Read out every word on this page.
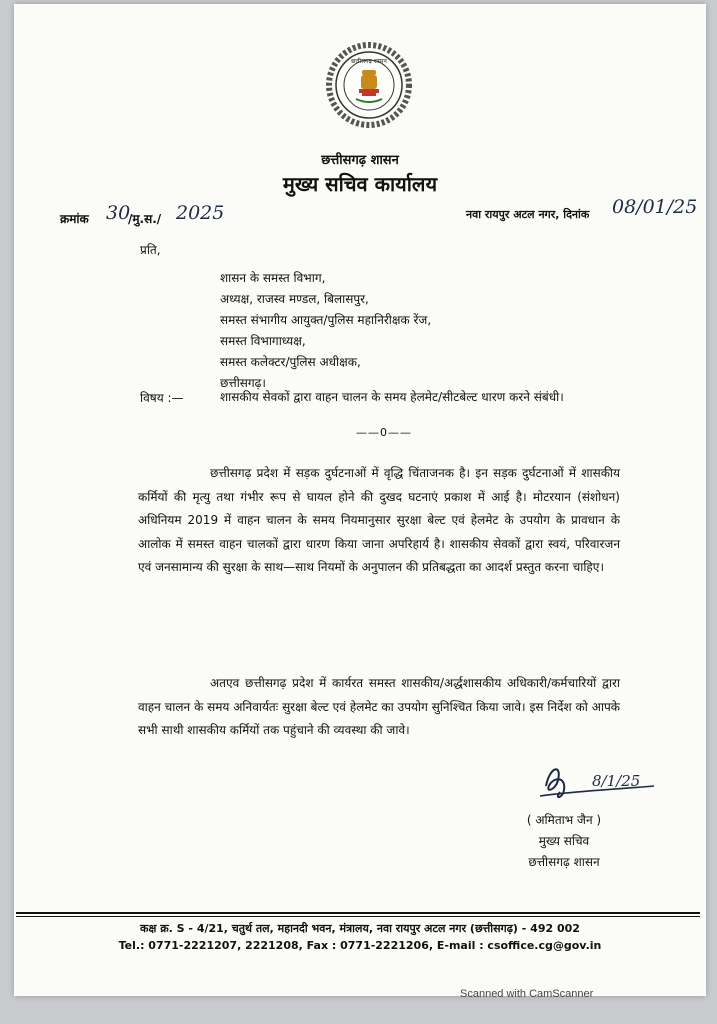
छत्तीसगढ़ शासन
छत्तीसगढ़ शासन
मुख्य सचिव कार्यालय
क्रमांक 30
/मु.स./ 2025	नवा रायपुर अटल नगर, दिनांक 08/01/25
प्रति,
शासन के समस्त विभाग,
अध्यक्ष, राजस्व मण्डल, बिलासपुर,
समस्त संभागीय आयुक्त/पुलिस महानिरीक्षक रेंज,
समस्त विभागाध्यक्ष,
समस्त कलेक्टर/पुलिस अधीक्षक,
छत्तीसगढ़।
विषय :—	शासकीय सेवकों द्वारा वाहन चालन के समय हेलमेट/सीटबेल्ट धारण करने संबंधी।
——0——
छत्तीसगढ़ प्रदेश में सड़क दुर्घटनाओं में वृद्धि चिंताजनक है। इन सड़क दुर्घटनाओं में शासकीय कर्मियों की मृत्यु तथा गंभीर रूप से घायल होने की दुखद घटनाएं प्रकाश में आई है। मोटरयान (संशोधन) अधिनियम 2019 में वाहन चालन के समय नियमानुसार सुरक्षा बेल्ट एवं हेलमेट के उपयोग के प्रावधान के आलोक में समस्त वाहन चालकों द्वारा धारण किया जाना अपरिहार्य है। शासकीय सेवकों द्वारा स्वयं, परिवारजन एवं जनसामान्य की सुरक्षा के साथ—साथ नियमों के अनुपालन की प्रतिबद्धता का आदर्श प्रस्तुत करना चाहिए।
अतएव छत्तीसगढ़ प्रदेश में कार्यरत समस्त शासकीय/अर्द्धशासकीय अधिकारी/कर्मचारियों द्वारा वाहन चालन के समय अनिवार्यतः सुरक्षा बेल्ट एवं हेलमेट का उपयोग सुनिश्चित किया जावे। इस निर्देश को आपके सभी साथी शासकीय कर्मियों तक पहुंचाने की व्यवस्था की जावे।
8/1/25
( अमिताभ जैन )
मुख्य सचिव
छत्तीसगढ़ शासन
कक्ष क्र. S - 4/21, चतुर्थ तल, महानदी भवन, मंत्रालय, नवा रायपुर अटल नगर (छत्तीसगढ़) - 492 002
Tel.: 0771-2221207, 2221208, Fax : 0771-2221206, E-mail : csoffice.cg@gov.in
Scanned with CamScanner
